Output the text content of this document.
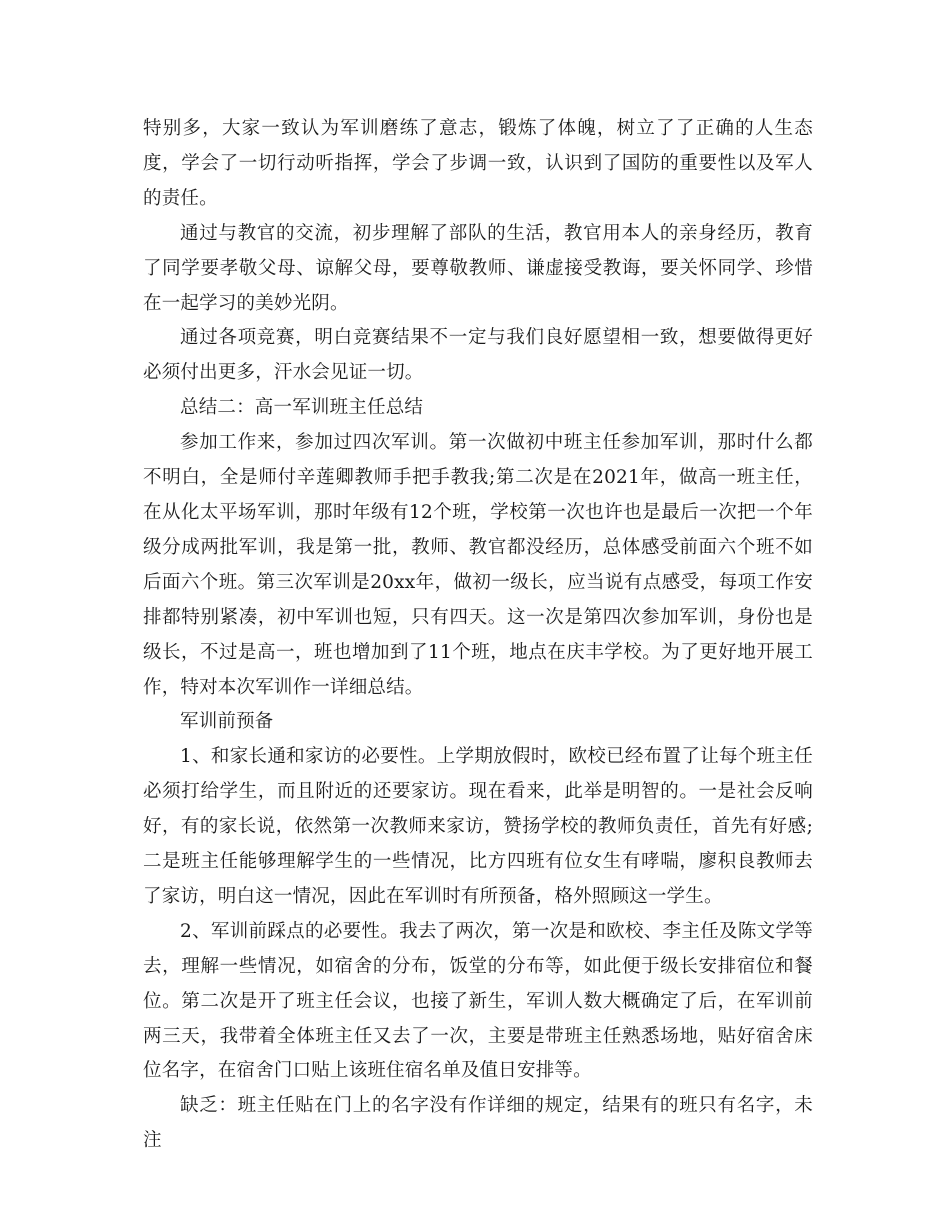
特别多，大家一致认为军训磨练了意志，锻炼了体魄，树立了了正确的人生态度，学会了一切行动听指挥，学会了步调一致，认识到了国防的重要性以及军人的责任。

通过与教官的交流，初步理解了部队的生活，教官用本人的亲身经历，教育了同学要孝敬父母、谅解父母，要尊敬教师、谦虚接受教诲，要关怀同学、珍惜在一起学习的美妙光阴。

通过各项竞赛，明白竞赛结果不一定与我们良好愿望相一致，想要做得更好必须付出更多，汗水会见证一切。

总结二：高一军训班主任总结

参加工作来，参加过四次军训。第一次做初中班主任参加军训，那时什么都不明白，全是师付辛莲卿教师手把手教我;第二次是在2021年，做高一班主任，在从化太平场军训，那时年级有12个班，学校第一次也许也是最后一次把一个年级分成两批军训，我是第一批，教师、教官都没经历，总体感受前面六个班不如后面六个班。第三次军训是20xx年，做初一级长，应当说有点感受，每项工作安排都特别紧凑，初中军训也短，只有四天。这一次是第四次参加军训，身份也是级长，不过是高一，班也增加到了11个班，地点在庆丰学校。为了更好地开展工作，特对本次军训作一详细总结。

军训前预备

1、和家长通和家访的必要性。上学期放假时，欧校已经布置了让每个班主任必须打给学生，而且附近的还要家访。现在看来，此举是明智的。一是社会反响好，有的家长说，依然第一次教师来家访，赞扬学校的教师负责任，首先有好感;二是班主任能够理解学生的一些情况，比方四班有位女生有哮喘，廖积良教师去了家访，明白这一情况，因此在军训时有所预备，格外照顾这一学生。

2、军训前踩点的必要性。我去了两次，第一次是和欧校、李主任及陈文学等去，理解一些情况，如宿舍的分布，饭堂的分布等，如此便于级长安排宿位和餐位。第二次是开了班主任会议，也接了新生，军训人数大概确定了后，在军训前两三天，我带着全体班主任又去了一次，主要是带班主任熟悉场地，贴好宿舍床位名字，在宿舍门口贴上该班住宿名单及值日安排等。

缺乏：班主任贴在门上的名字没有作详细的规定，结果有的班只有名字，未注
